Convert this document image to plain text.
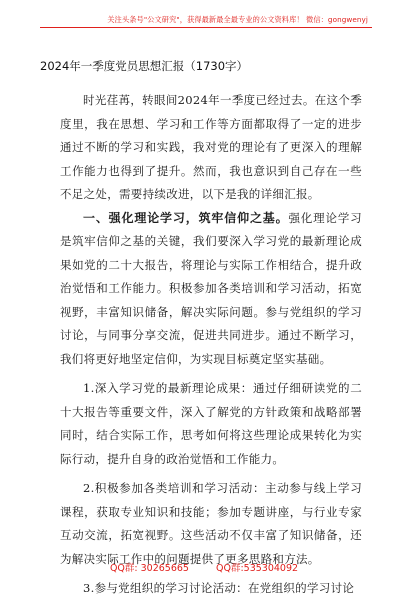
关注头条号"公文研究"，获得最新最全最专业的公文资料库！ 微信：gongwenyj
2024年一季度党员思想汇报（1730字）

时光荏苒，转眼间2024年一季度已经过去。在这个季度里，我在思想、学习和工作等方面都取得了一定的进步通过不断的学习和实践，我对党的理论有了更深入的理解工作能力也得到了提升。然而，我也意识到自己存在一些不足之处，需要持续改进，以下是我的详细汇报。

一、强化理论学习，筑牢信仰之基。强化理论学习是筑牢信仰之基的关键，我们要深入学习党的最新理论成果如党的二十大报告，将理论与实际工作相结合，提升政治觉悟和工作能力。积极参加各类培训和学习活动，拓宽视野，丰富知识储备，解决实际问题。参与党组织的学习讨论，与同事分享交流，促进共同进步。通过不断学习，我们将更好地坚定信仰，为实现目标奠定坚实基础。

1.深入学习党的最新理论成果：通过仔细研读党的二十大报告等重要文件，深入了解党的方针政策和战略部署同时，结合实际工作，思考如何将这些理论成果转化为实际行动，提升自身的政治觉悟和工作能力。

2.积极参加各类培训和学习活动：主动参与线上学习课程，获取专业知识和技能；参加专题讲座，与行业专家互动交流，拓宽视野。这些活动不仅丰富了知识储备，还为解决实际工作中的问题提供了更多思路和方法。

3.参与党组织的学习讨论活动：在党组织的学习讨论

QQ群: 30265665	QQ群:535304092
